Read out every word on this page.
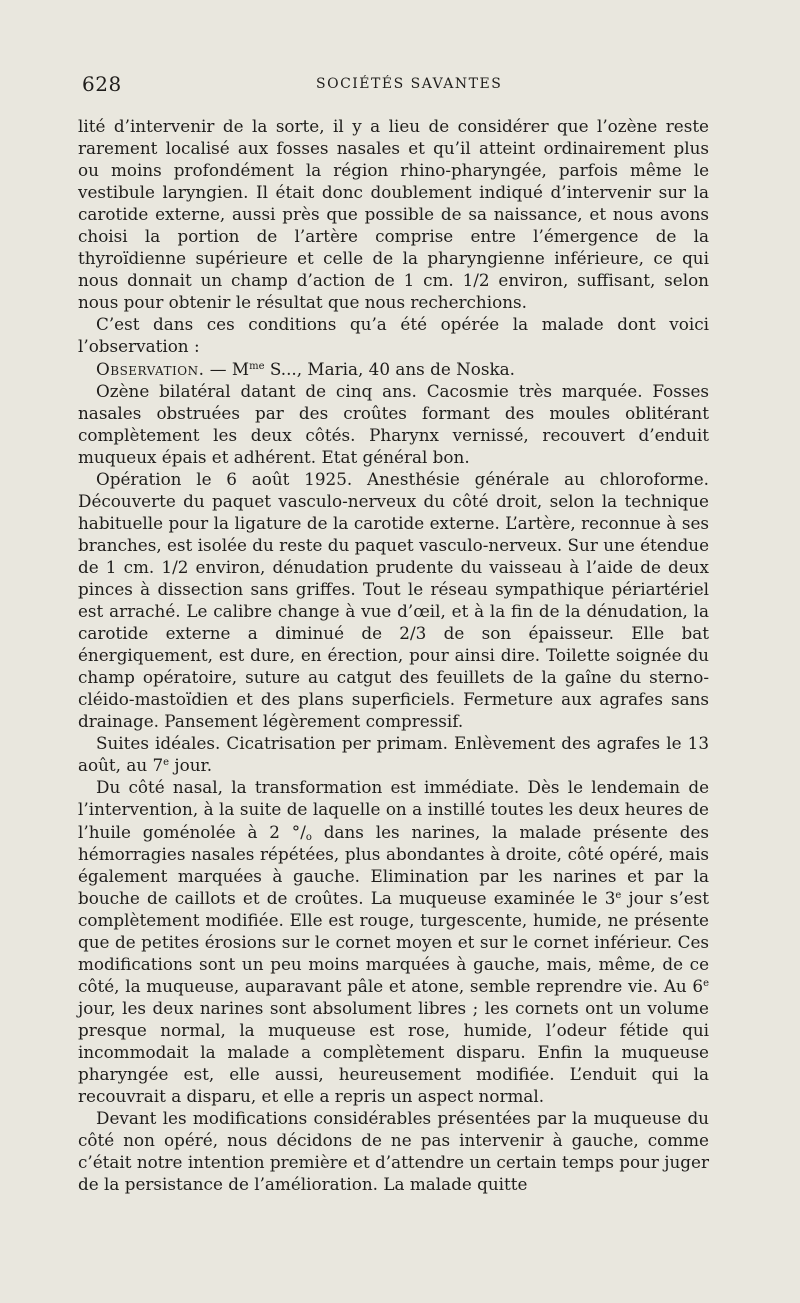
628	SOCIÉTÉS SAVANTES

lité d’intervenir de la sorte, il y a lieu de considérer que l’ozène reste rarement localisé aux fosses nasales et qu’il atteint ordinairement plus ou moins profondément la région rhino-pharyngée, parfois même le vestibule laryngien. Il était donc doublement indiqué d’intervenir sur la carotide externe, aussi près que possible de sa naissance, et nous avons choisi la portion de l’artère comprise entre l’émergence de la thyroïdienne supérieure et celle de la pharyngienne inférieure, ce qui nous donnait un champ d’action de 1 cm. 1/2 environ, suffisant, selon nous pour obtenir le résultat que nous recherchions.

C’est dans ces conditions qu’a été opérée la malade dont voici l’observation :

Observation. — $M^{me}$ S..., Maria, 40 ans de Noska.

Ozène bilatéral datant de cinq ans. Cacosmie très marquée. Fosses nasales obstruées par des croûtes formant des moules oblitérant complètement les deux côtés. Pharynx vernissé, recouvert d’enduit muqueux épais et adhérent. Etat général bon.

Opération le 6 août 1925. Anesthésie générale au chloroforme. Découverte du paquet vasculo-nerveux du côté droit, selon la technique habituelle pour la ligature de la carotide externe. L’artère, reconnue à ses branches, est isolée du reste du paquet vasculo-nerveux. Sur une étendue de 1 cm. 1/2 environ, dénudation prudente du vaisseau à l’aide de deux pinces à dissection sans griffes. Tout le réseau sympathique périartériel est arraché. Le calibre change à vue d’œil, et à la fin de la dénudation, la carotide externe a diminué de 2/3 de son épaisseur. Elle bat énergiquement, est dure, en érection, pour ainsi dire. Toilette soignée du champ opératoire, suture au catgut des feuillets de la gaîne du sterno-cléido-mastoïdien et des plans superficiels. Fermeture aux agrafes sans drainage. Pansement légèrement compressif.

Suites idéales. Cicatrisation per primam. Enlèvement des agrafes le 13 août, au 7e jour.

Du côté nasal, la transformation est immédiate. Dès le lendemain de l’intervention, à la suite de laquelle on a instillé toutes les deux heures de l’huile goménolée à 2 $^\circ/_o$ dans les narines, la malade présente des hémorragies nasales répétées, plus abondantes à droite, côté opéré, mais également marquées à gauche. Elimination par les narines et par la bouche de caillots et de croûtes. La muqueuse examinée le 3e jour s’est complètement modifiée. Elle est rouge, turgescente, humide, ne présente que de petites érosions sur le cornet moyen et sur le cornet inférieur. Ces modifications sont un peu moins marquées à gauche, mais, même, de ce côté, la muqueuse, auparavant pâle et atone, semble reprendre vie. Au 6e jour, les deux narines sont absolument libres ; les cornets ont un volume presque normal, la muqueuse est rose, humide, l’odeur fétide qui incommodait la malade a complètement disparu. Enfin la muqueuse pharyngée est, elle aussi, heureusement modifiée. L’enduit qui la recouvrait a disparu, et elle a repris un aspect normal.

Devant les modifications considérables présentées par la muqueuse du côté non opéré, nous décidons de ne pas intervenir à gauche, comme c’était notre intention première et d’attendre un certain temps pour juger de la persistance de l’amélioration. La malade quitte
